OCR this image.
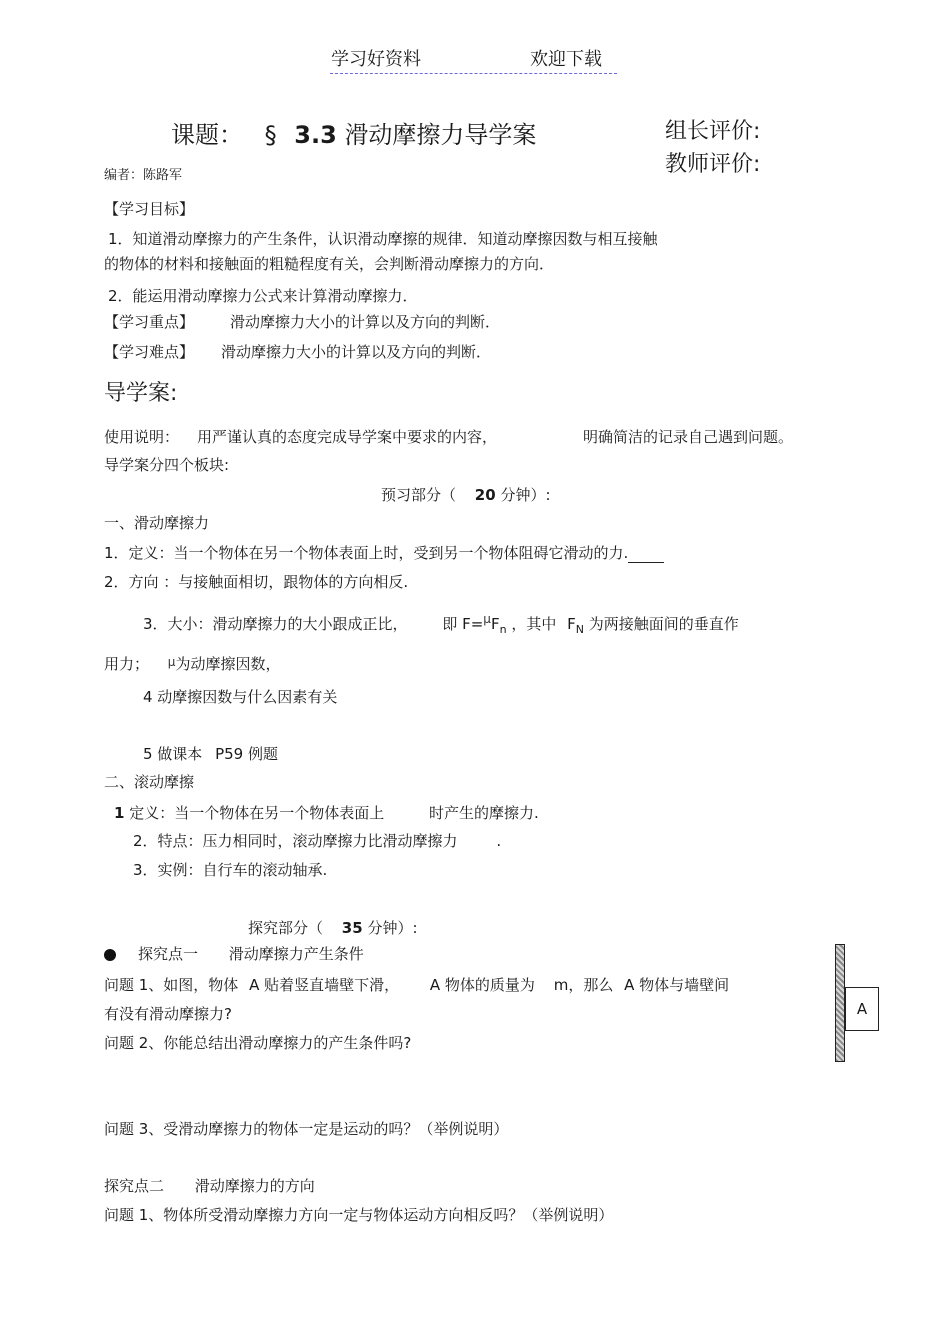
学习好资料	欢迎下载
课题： § 3.3 滑动摩擦力导学案	组长评价:
教师评价:
编者：陈路军
【学习目标】
1．知道滑动摩擦力的产生条件，认识滑动摩擦的规律．知道动摩擦因数与相互接触
的物体的材料和接触面的粗糙程度有关，会判断滑动摩擦力的方向．
2．能运用滑动摩擦力公式来计算滑动摩擦力．
【学习重点】 滑动摩擦力大小的计算以及方向的判断．
【学习难点】 滑动摩擦力大小的计算以及方向的判断．
导学案:
使用说明： 用严谨认真的态度完成导学案中要求的内容，	明确简洁的记录自己遇到问题。
导学案分四个板块:
预习部分（ 20 分钟）:
一、滑动摩擦力
1．定义：当一个物体在另一个物体表面上时，受到另一个物体阻碍它滑动的力.
2．方向 ：与接触面相切，跟物体的方向相反.
3．大小：滑动摩擦力的大小跟成正比， 即 $F=^\mu F_n$ ，其中 $F_N$ 为两接触面间的垂直作
用力； $^\mu$为动摩擦因数，
4 动摩擦因数与什么因素有关
5 做课本 P59 例题
二、滚动摩擦
1 定义：当一个物体在另一个物体表面上	时产生的摩擦力.
2．特点：压力相同时，滚动摩擦力比滑动摩擦力	.
3．实例：自行车的滚动轴承.
探究部分（ 35 分钟）:
探究点一 滑动摩擦力产生条件
问题 1、如图，物体 A 贴着竖直墙壁下滑， A 物体的质量为 m，那么 A 物体与墙壁间
有没有滑动摩擦力?
问题 2、你能总结出滑动摩擦力的产生条件吗?
问题 3、受滑动摩擦力的物体一定是运动的吗？（举例说明）
探究点二 滑动摩擦力的方向
问题 1、物体所受滑动摩擦力方向一定与物体运动方向相反吗？（举例说明）
A
